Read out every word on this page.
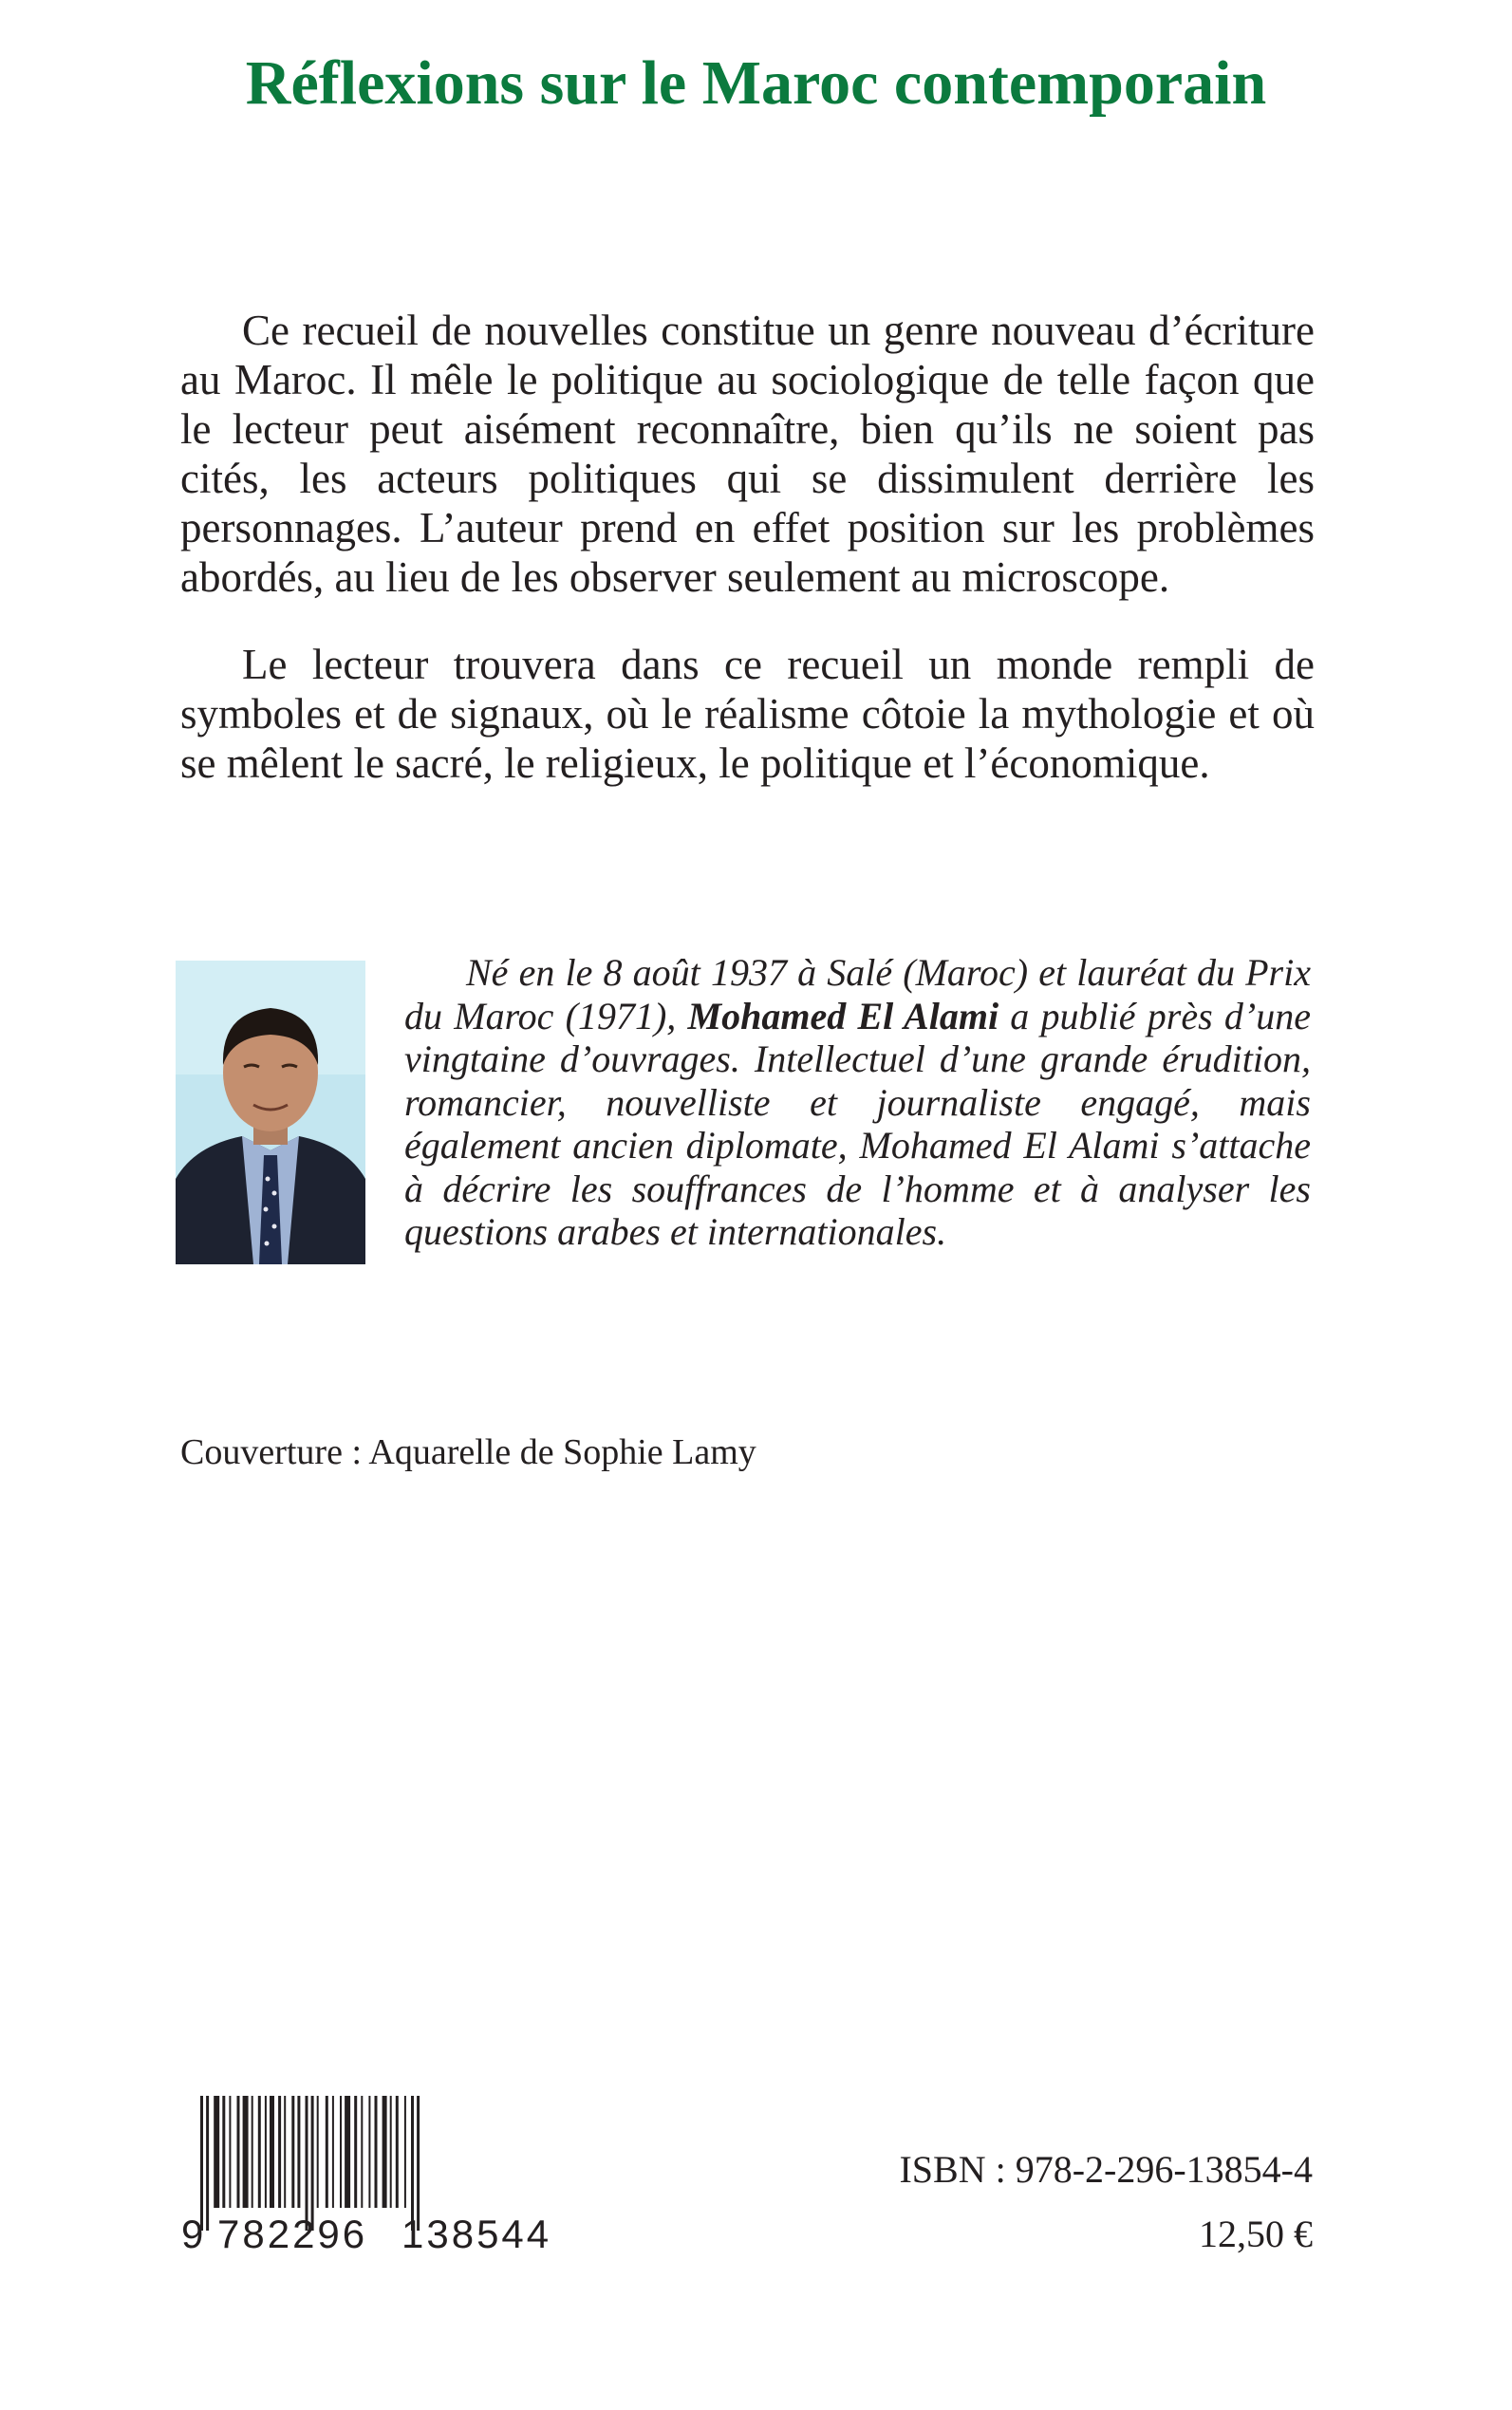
Réflexions sur le Maroc contemporain

Ce recueil de nouvelles constitue un genre nouveau d’écriture au Maroc. Il mêle le politique au sociologique de telle façon que le lecteur peut aisément reconnaître, bien qu’ils ne soient pas cités, les acteurs politiques qui se dissimulent derrière les personnages. L’auteur prend en effet position sur les problèmes abordés, au lieu de les observer seulement au microscope.

Le lecteur trouvera dans ce recueil un monde rempli de symboles et de signaux, où le réalisme côtoie la mythologie et où se mêlent le sacré, le religieux, le politique et l’économique.

Né en le 8 août 1937 à Salé (Maroc) et lauréat du Prix du Maroc (1971), Mohamed El Alami a publié près d’une vingtaine d’ouvrages. Intellectuel d’une grande érudition, romancier, nouvelliste et journaliste engagé, mais également ancien diplomate, Mohamed El Alami s’attache à décrire les souffrances de l’homme et à analyser les questions arabes et internationales.

Couverture : Aquarelle de Sophie Lamy

9 782296 138544

ISBN : 978-2-296-13854-4

12,50 €
